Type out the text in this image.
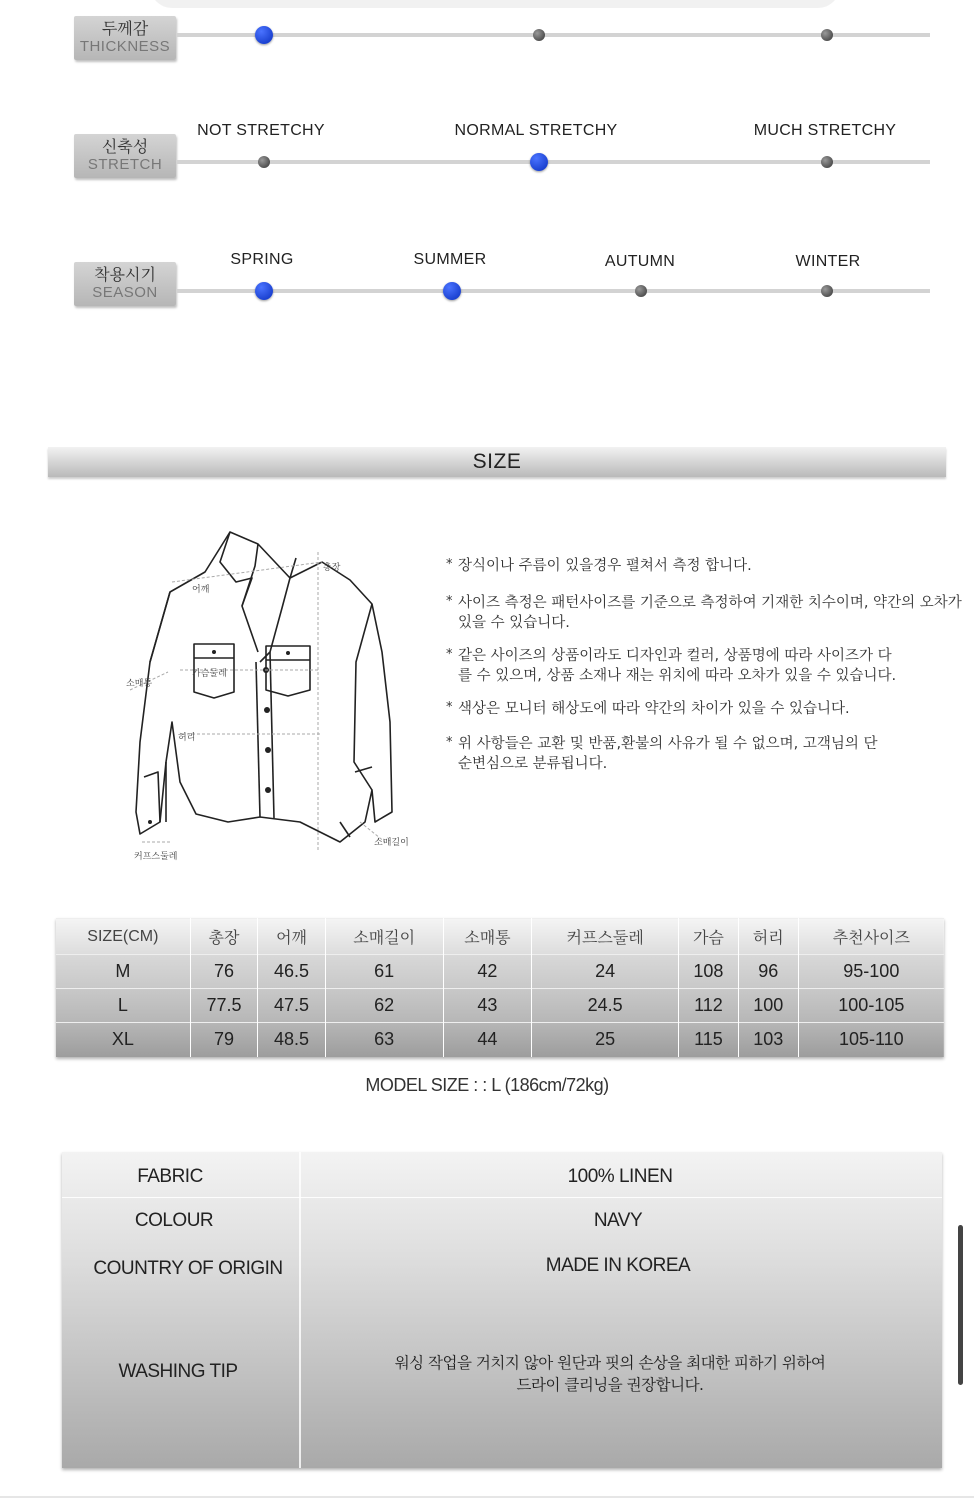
두께감
THICKNESS
신축성
STRETCH
NOT STRETCHY	NORMAL STRETCHY	MUCH STRETCHY
착용시기
SEASON
SPRING	SUMMER	AUTUMN	WINTER
SIZE
총장
어깨
가슴둘레
소매통
허리
커프스둘레
소매길이
* 장식이나 주름이 있을경우 펼쳐서 측정 합니다.
* 사이즈 측정은 패턴사이즈를 기준으로 측정하여 기재한 치수이며, 약간의 오차가 있을 수 있습니다.
* 같은 사이즈의 상품이라도 디자인과 컬러, 상품명에 따라 사이즈가 다를 수 있으며, 상품 소재나 재는 위치에 따라 오차가 있을 수 있습니다.
* 색상은 모니터 해상도에 따라 약간의 차이가 있을 수 있습니다.
* 위 사항들은 교환 및 반품,환불의 사유가 될 수 없으며, 고객님의 단순변심으로 분류됩니다.
SIZE(CM)	총장	어깨	소매길이	소매통	커프스둘레	가슴	허리	추천사이즈
M	76	46.5	61	42	24	108	96	95-100
L	77.5	47.5	62	43	24.5	112	100	100-105
XL	79	48.5	63	44	25	115	103	105-110
MODEL SIZE : : L (186cm/72kg)
FABRIC	100% LINEN
COLOUR	NAVY
COUNTRY OF ORIGIN	MADE IN KOREA
WASHING TIP	워싱 작업을 거치지 않아 원단과 핏의 손상을 최대한 피하기 위하여
드라이 클리닝을 권장합니다.
